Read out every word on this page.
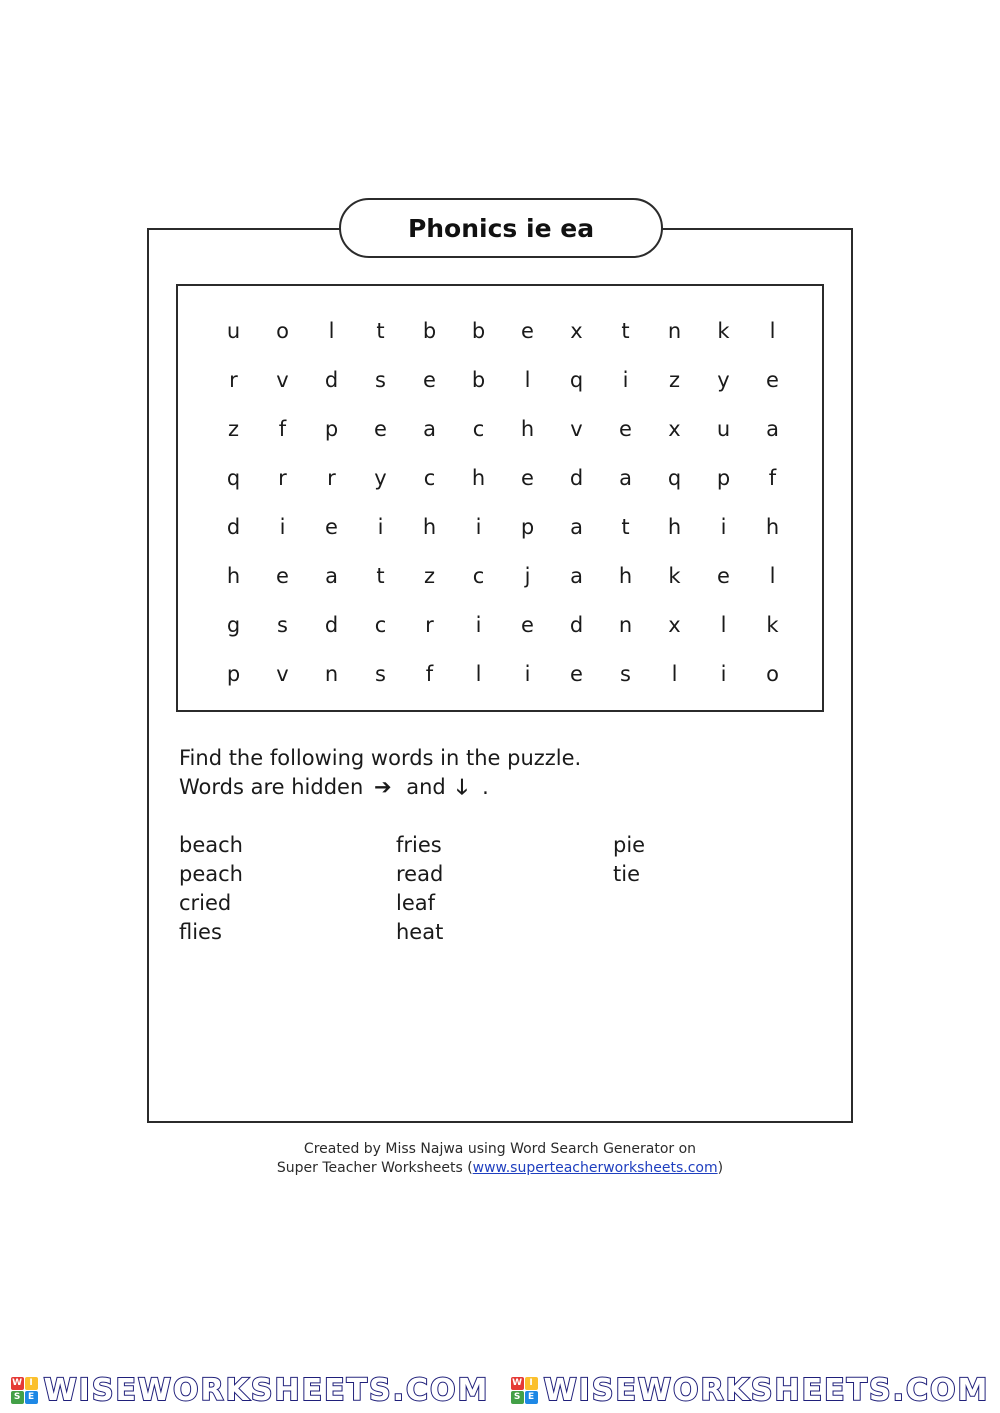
Phonics ie ea
u	o	l	t	b	b	e	x	t	n	k	l
r	v	d	s	e	b	l	q	i	z	y	e
z	f	p	e	a	c	h	v	e	x	u	a
q	r	r	y	c	h	e	d	a	q	p	f
d	i	e	i	h	i	p	a	t	h	i	h
h	e	a	t	z	c	j	a	h	k	e	l
g	s	d	c	r	i	e	d	n	x	l	k
p	v	n	s	f	l	i	e	s	l	i	o
Find the following words in the puzzle.
Words are hidden ➔ and 🡓 .
beach
peach
cried
flies
fries
read
leaf
heat
pie
tie
Created by Miss Najwa using Word Search Generator on
Super Teacher Worksheets (www.superteacherworksheets.com)
W I
S E WISEWORKSHEETS.COM	W I
S E WISEWORKSHEETS.COM
